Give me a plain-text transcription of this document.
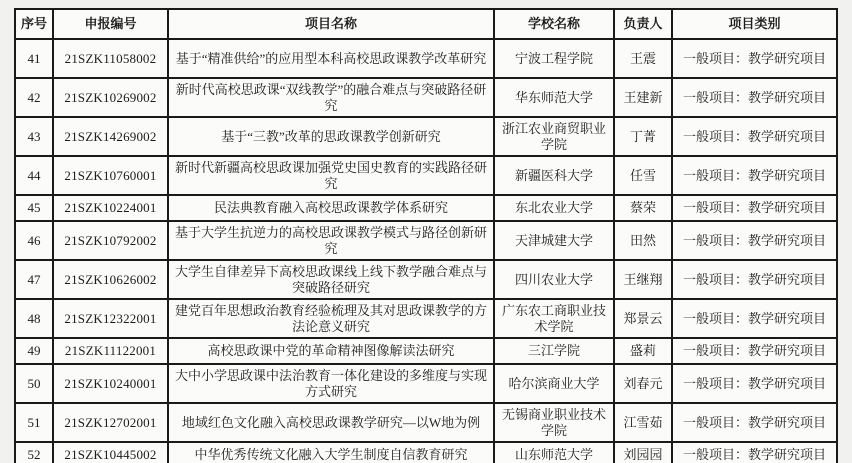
序号	申报编号	项目名称	学校名称	负责人	项目类别
41	21SZK11058002	基于“精准供给”的应用型本科高校思政课教学改革研究	宁波工程学院	王震	一般项目：教学研究项目
42	21SZK10269002	新时代高校思政课“双线教学”的融合难点与突破路径研究	华东师范大学	王建新	一般项目：教学研究项目
43	21SZK14269002	基于“三教”改革的思政课教学创新研究	浙江农业商贸职业学院	丁菁	一般项目：教学研究项目
44	21SZK10760001	新时代新疆高校思政课加强党史国史教育的实践路径研究	新疆医科大学	任雪	一般项目：教学研究项目
45	21SZK10224001	民法典教育融入高校思政课教学体系研究	东北农业大学	蔡荣	一般项目：教学研究项目
46	21SZK10792002	基于大学生抗逆力的高校思政课教学模式与路径创新研究	天津城建大学	田然	一般项目：教学研究项目
47	21SZK10626002	大学生自律差异下高校思政课线上线下教学融合难点与突破路径研究	四川农业大学	王继翔	一般项目：教学研究项目
48	21SZK12322001	建党百年思想政治教育经验梳理及其对思政课教学的方法论意义研究	广东农工商职业技术学院	郑景云	一般项目：教学研究项目
49	21SZK11122001	高校思政课中党的革命精神图像解读法研究	三江学院	盛莉	一般项目：教学研究项目
50	21SZK10240001	大中小学思政课中法治教育一体化建设的多维度与实现方式研究	哈尔滨商业大学	刘春元	一般项目：教学研究项目
51	21SZK12702001	地域红色文化融入高校思政课教学研究—以W地为例	无锡商业职业技术学院	江雪茹	一般项目：教学研究项目
52	21SZK10445002	中华优秀传统文化融入大学生制度自信教育研究	山东师范大学	刘园园	一般项目：教学研究项目
